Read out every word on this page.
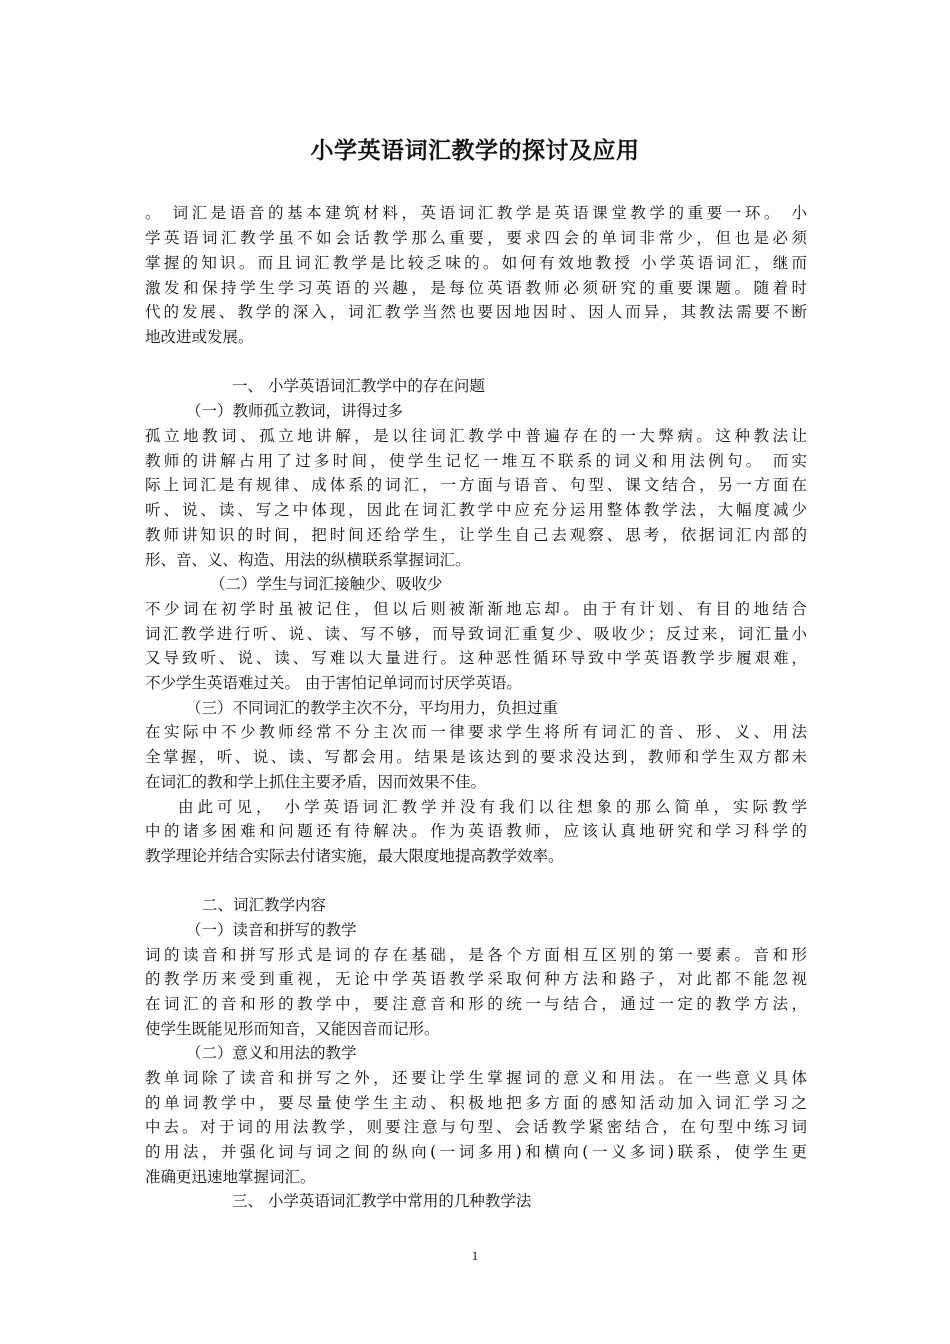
小学英语词汇教学的探讨及应用
。 词汇是语音的基本建筑材料，英语词汇教学是英语课堂教学的重要一环。 小
学英语词汇教学虽不如会话教学那么重要，要求四会的单词非常少，但也是必须
掌握的知识。而且词汇教学是比较乏味的。如何有效地教授 小学英语词汇，继而
激发和保持学生学习英语的兴趣，是每位英语教师必须研究的重要课题。随着时
代的发展、教学的深入，词汇教学当然也要因地因时、因人而异，其教法需要不断
地改进或发展。
一、 小学英语词汇教学中的存在问题
（一）教师孤立教词，讲得过多
孤立地教词、孤立地讲解，是以往词汇教学中普遍存在的一大弊病。这种教法让
教师的讲解占用了过多时间，使学生记忆一堆互不联系的词义和用法例句。 而实
际上词汇是有规律、成体系的词汇，一方面与语音、句型、课文结合，另一方面在
听、说、读、写之中体现，因此在词汇教学中应充分运用整体教学法，大幅度减少
教师讲知识的时间，把时间还给学生，让学生自己去观察、思考，依据词汇内部的
形、音、义、构造、用法的纵横联系掌握词汇。
（二）学生与词汇接触少、吸收少
不少词在初学时虽被记住，但以后则被渐渐地忘却。由于有计划、有目的地结合
词汇教学进行听、说、读、写不够，而导致词汇重复少、吸收少；反过来，词汇量小
又导致听、说、读、写难以大量进行。这种恶性循环导致中学英语教学步履艰难，
不少学生英语难过关。 由于害怕记单词而讨厌学英语。
（三）不同词汇的教学主次不分，平均用力，负担过重
在实际中不少教师经常不分主次而一律要求学生将所有词汇的音、形、义、用法
全掌握，听、说、读、写都会用。结果是该达到的要求没达到，教师和学生双方都未
在词汇的教和学上抓住主要矛盾，因而效果不佳。
由此可见， 小学英语词汇教学并没有我们以往想象的那么简单，实际教学
中的诸多困难和问题还有待解决。作为英语教师，应该认真地研究和学习科学的
教学理论并结合实际去付诸实施，最大限度地提高教学效率。
二、词汇教学内容
（一）读音和拼写的教学
词的读音和拼写形式是词的存在基础，是各个方面相互区别的第一要素。音和形
的教学历来受到重视，无论中学英语教学采取何种方法和路子，对此都不能忽视
在词汇的音和形的教学中，要注意音和形的统一与结合，通过一定的教学方法，
使学生既能见形而知音，又能因音而记形。
（二）意义和用法的教学
教单词除了读音和拼写之外，还要让学生掌握词的意义和用法。在一些意义具体
的单词教学中，要尽量使学生主动、积极地把多方面的感知活动加入词汇学习之
中去。对于词的用法教学，则要注意与句型、会话教学紧密结合，在句型中练习词
的用法，并强化词与词之间的纵向(一词多用)和横向(一义多词)联系，使学生更
准确更迅速地掌握词汇。
三、 小学英语词汇教学中常用的几种教学法
1
